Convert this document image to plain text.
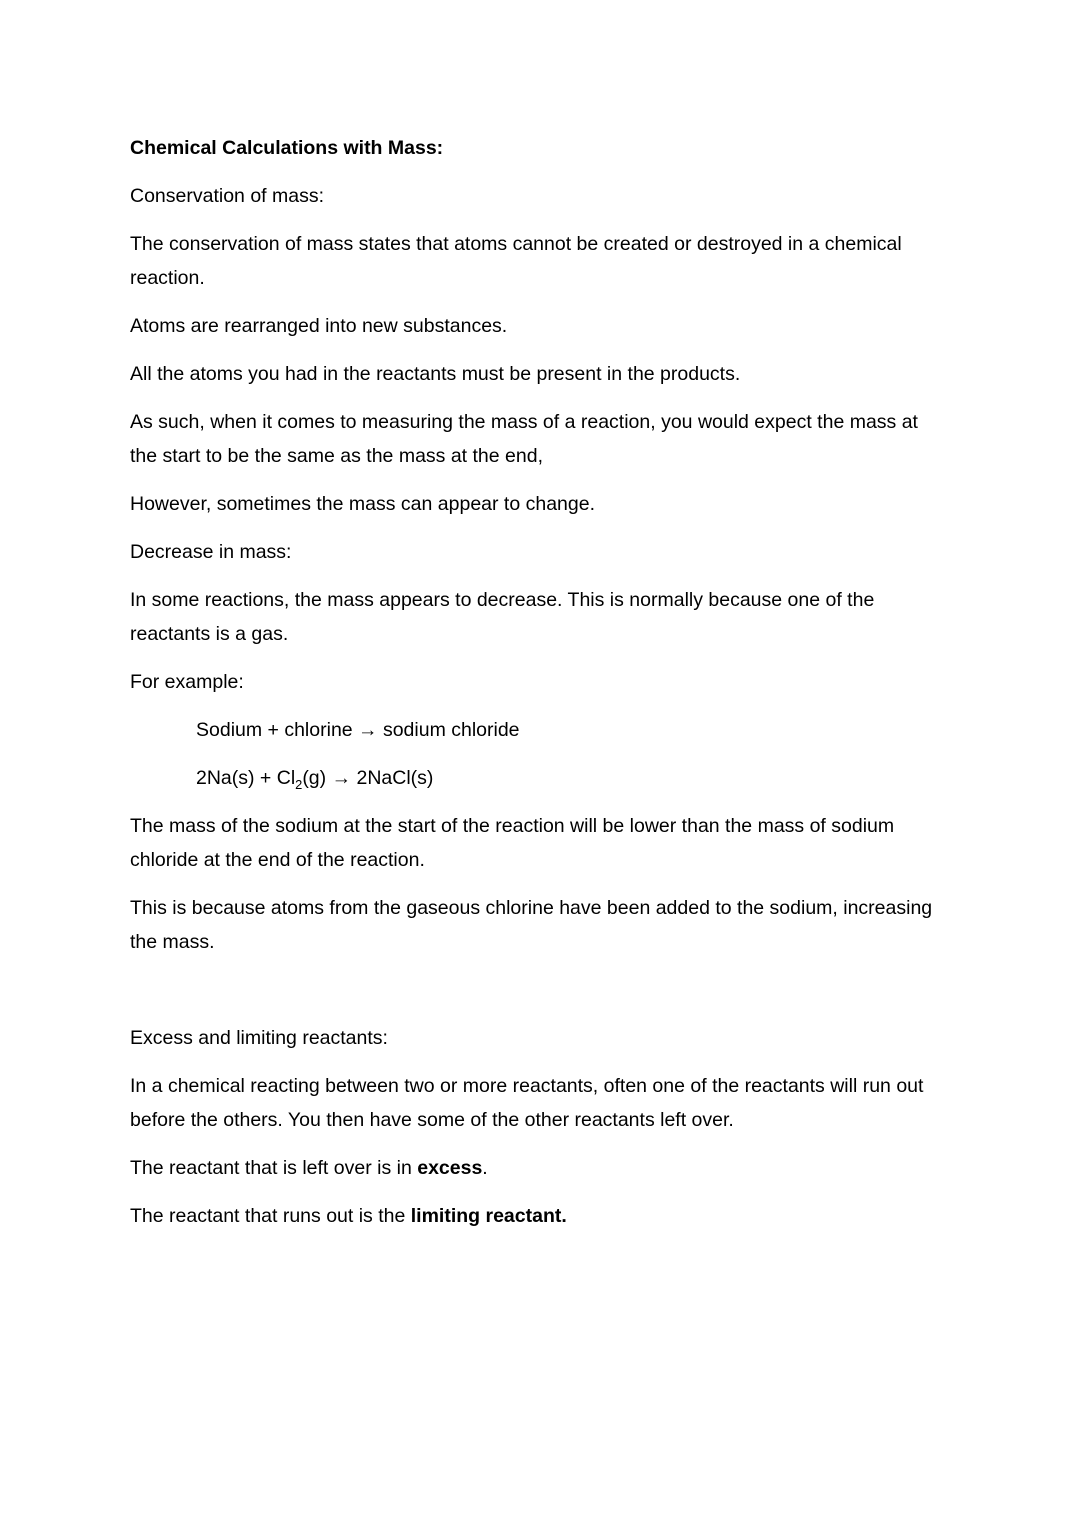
Chemical Calculations with Mass:

Conservation of mass:

The conservation of mass states that atoms cannot be created or destroyed in a chemical reaction.

Atoms are rearranged into new substances.

All the atoms you had in the reactants must be present in the products.

As such, when it comes to measuring the mass of a reaction, you would expect the mass at the start to be the same as the mass at the end,

However, sometimes the mass can appear to change.

Decrease in mass:

In some reactions, the mass appears to decrease. This is normally because one of the reactants is a gas.

For example:

Sodium + chlorine → sodium chloride

$2Na(s) + Cl_2(g)$ → 2NaCl(s)

The mass of the sodium at the start of the reaction will be lower than the mass of sodium chloride at the end of the reaction.

This is because atoms from the gaseous chlorine have been added to the sodium, increasing the mass.

Excess and limiting reactants:

In a chemical reacting between two or more reactants, often one of the reactants will run out before the others. You then have some of the other reactants left over.

The reactant that is left over is in excess.

The reactant that runs out is the limiting reactant.
